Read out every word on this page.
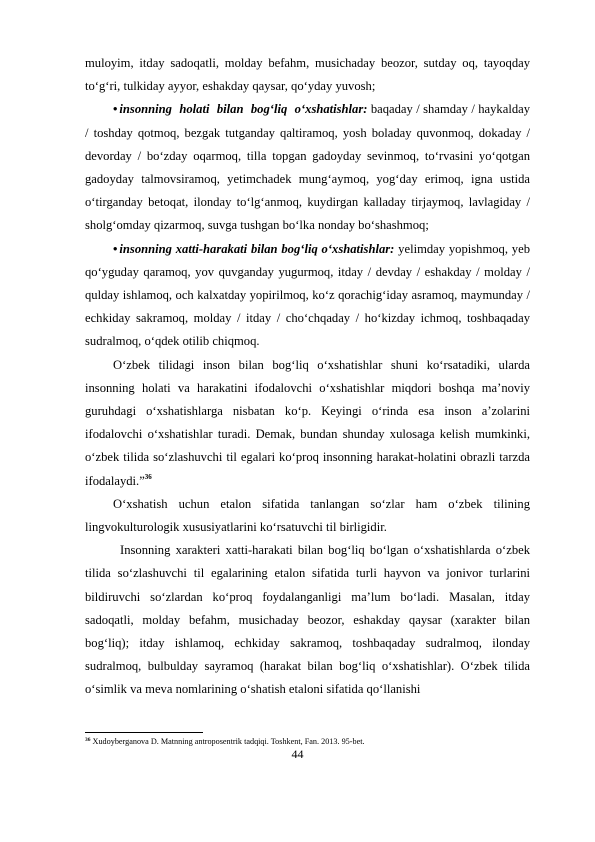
muloyim, itday sadoqatli, molday befahm, musichaday beozor, sutday oq, tayoqday to‘g‘ri, tulkiday ayyor, eshakday qaysar, qo‘yday yuvosh;

• insonning holati bilan bog‘liq o‘xshatishlar: baqaday / shamday / haykalday / toshday qotmoq, bezgak tutganday qaltiramoq, yosh boladay quvonmoq, dokaday / devorday / bo‘zday oqarmoq, tilla topgan gadoyday sevinmoq, to‘rvasini yo‘qotgan gadoyday talmovsiramoq, yetimchadek mung‘aymoq, yog‘day erimoq, igna ustida o‘tirganday betoqat, ilonday to‘lg‘anmoq, kuydirgan kalladay tirjaymoq, lavlagiday / sholg‘omday qizarmoq, suvga tushgan bo‘lka nonday bo‘shashmoq;

• insonning xatti-harakati bilan bog‘liq o‘xshatishlar: yelimday yopishmoq, yeb qo‘yguday qaramoq, yov quvganday yugurmoq, itday / devday / eshakday / molday / qulday ishlamoq, och kalxatday yopirilmoq, ko‘z qorachig‘iday asramoq, maymunday / echkiday sakramoq, molday / itday / cho‘chqaday / ho‘kizday ichmoq, toshbaqaday sudralmoq, o‘qdek otilib chiqmoq.

O‘zbek tilidagi inson bilan bog‘liq o‘xshatishlar shuni ko‘rsatadiki, ularda insonning holati va harakatini ifodalovchi o‘xshatishlar miqdori boshqa ma’noviy guruhdagi o‘xshatishlarga nisbatan ko‘p. Keyingi o‘rinda esa inson a’zolarini ifodalovchi o‘xshatishlar turadi. Demak, bundan shunday xulosaga kelish mumkinki, o‘zbek tilida so‘zlashuvchi til egalari ko‘proq insonning harakat-holatini obrazli tarzda ifodalaydi.”$^{36}$

O‘xshatish uchun etalon sifatida tanlangan so‘zlar ham o‘zbek tilining lingvokulturologik xususiyatlarini ko‘rsatuvchi til birligidir.

Insonning xarakteri xatti-harakati bilan bog‘liq bo‘lgan o‘xshatishlarda o‘zbek tilida so‘zlashuvchi til egalarining etalon sifatida turli hayvon va jonivor turlarini bildiruvchi so‘zlardan ko‘proq foydalanganligi ma’lum bo‘ladi. Masalan, itday sadoqatli, molday befahm, musichaday beozor, eshakday qaysar (xarakter bilan bog‘liq); itday ishlamoq, echkiday sakramoq, toshbaqaday sudralmoq, ilonday sudralmoq, bulbulday sayramoq (harakat bilan bog‘liq o‘xshatishlar). O‘zbek tilida o‘simlik va meva nomlarining o‘shatish etaloni sifatida qo‘llanishi

$^{36}$ Xudoyberganova D. Matnning antroposentrik tadqiqi. Toshkent, Fan. 2013. 95-bet.
44
